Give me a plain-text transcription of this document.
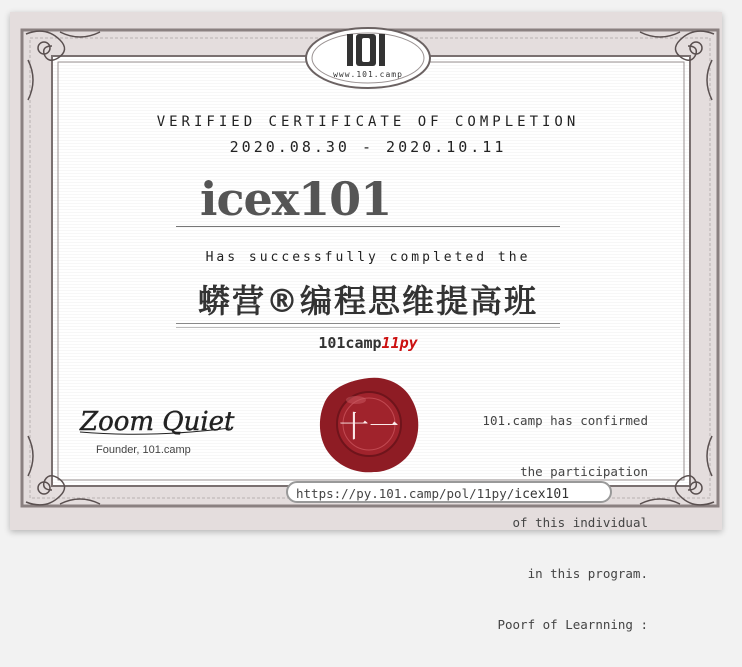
www.101.camp
VERIFIED CERTIFICATE OF COMPLETION
2020.08.30 - 2020.10.11
icex101
Has successfully completed the
蟒营®编程思维提高班
101camp11py

101.camp has confirmed

the participation

of this individual

in this program.

Poorf of Learnning :

Zoom Quiet
Founder, 101.camp
十一
https://py.101.camp/pol/11py/icex101
